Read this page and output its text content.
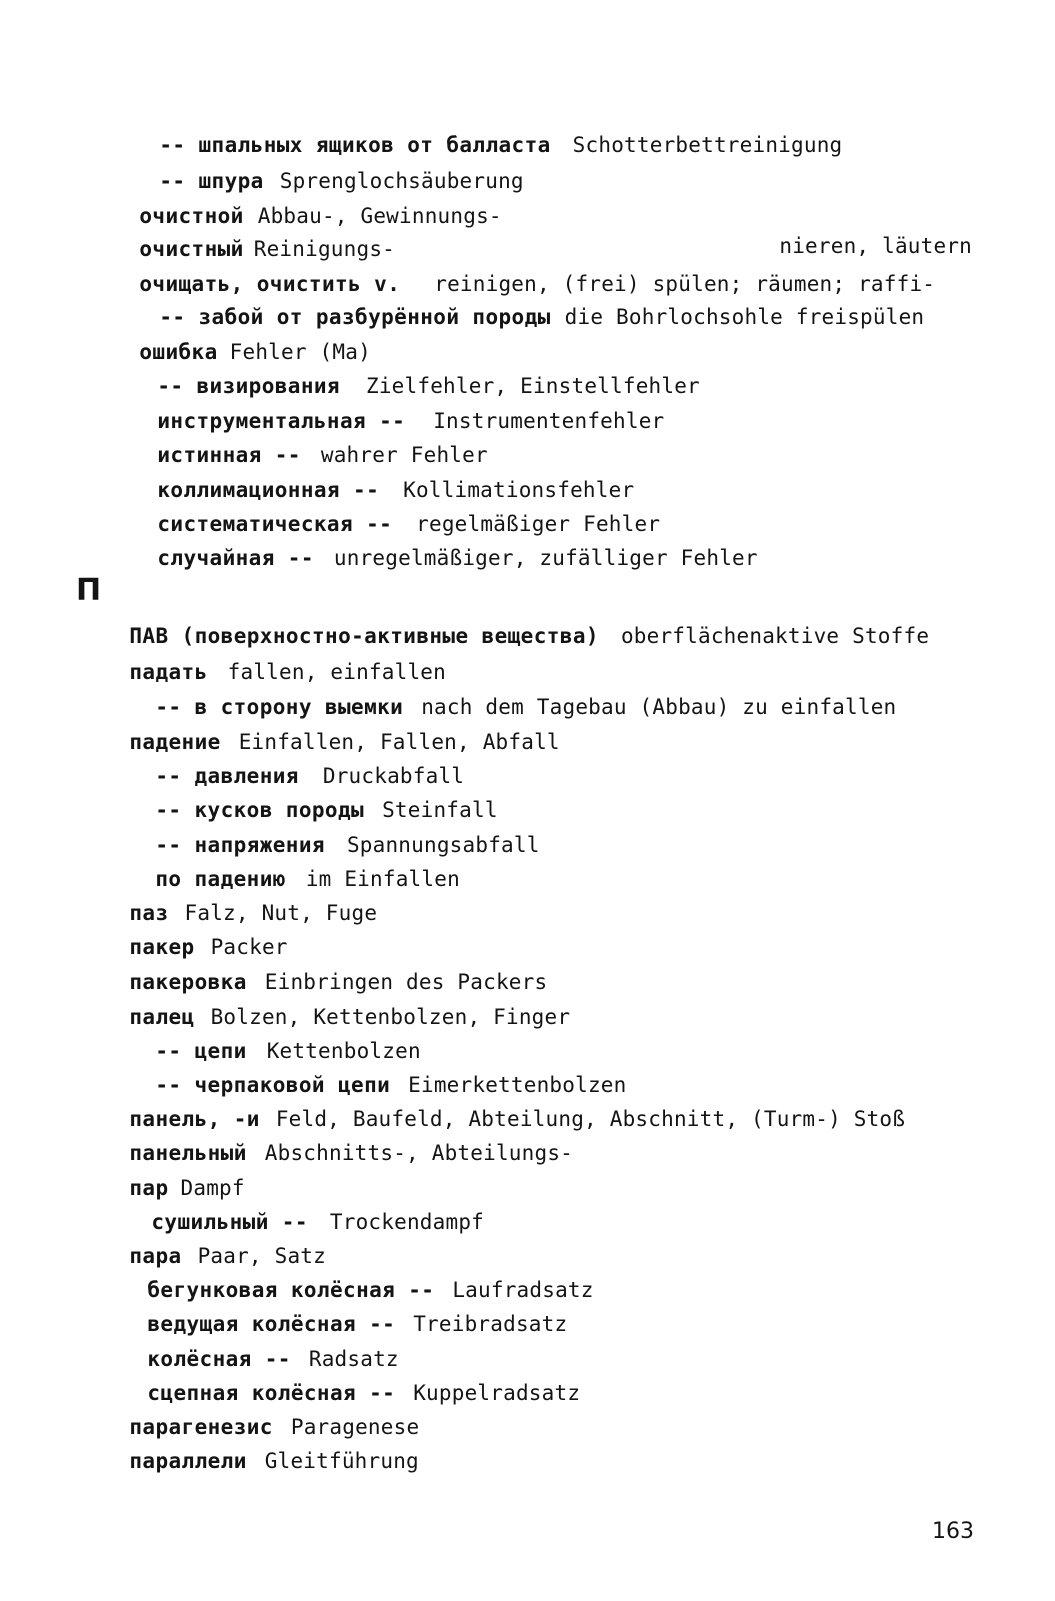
-- шпальных ящиков от балласта Schotterbettreinigung

-- шпура Sprenglochsäuberung

очистной Abbau-, Gewinnungs-

очистный Reinigungs-
	nieren, läutern

очищать, очистить v. reinigen, (frei) spülen; räumen; raffi-

-- забой от разбурённой породы die Bohrlochsohle freispülen

ошибка Fehler (Ma)

-- визирования Zielfehler, Einstellfehler

инструментальная -- Instrumentenfehler

истинная -- wahrer Fehler

коллимационная -- Kollimationsfehler

систематическая -- regelmäßiger Fehler

случайная -- unregelmäßiger, zufälliger Fehler

П

ПАВ (поверхностно-активные вещества) oberflächenaktive Stoffe

падать fallen, einfallen

-- в сторону выемки nach dem Tagebau (Abbau) zu einfallen

падение Einfallen, Fallen, Abfall

-- давления Druckabfall

-- кусков породы Steinfall

-- напряжения Spannungsabfall

по падению im Einfallen

паз Falz, Nut, Fuge

пакер Packer

пакеровка Einbringen des Packers

палец Bolzen, Kettenbolzen, Finger

-- цепи Kettenbolzen

-- черпаковой цепи Eimerkettenbolzen

панель, -и Feld, Baufeld, Abteilung, Abschnitt, (Turm-) Stoß

панельный Abschnitts-, Abteilungs-

пар Dampf

сушильный -- Trockendampf

пара Paar, Satz

бегунковая колёсная -- Laufradsatz

ведущая колёсная -- Treibradsatz

колёсная -- Radsatz

сцепная колёсная -- Kuppelradsatz

парагенезис Paragenese

параллели Gleitführung

163
